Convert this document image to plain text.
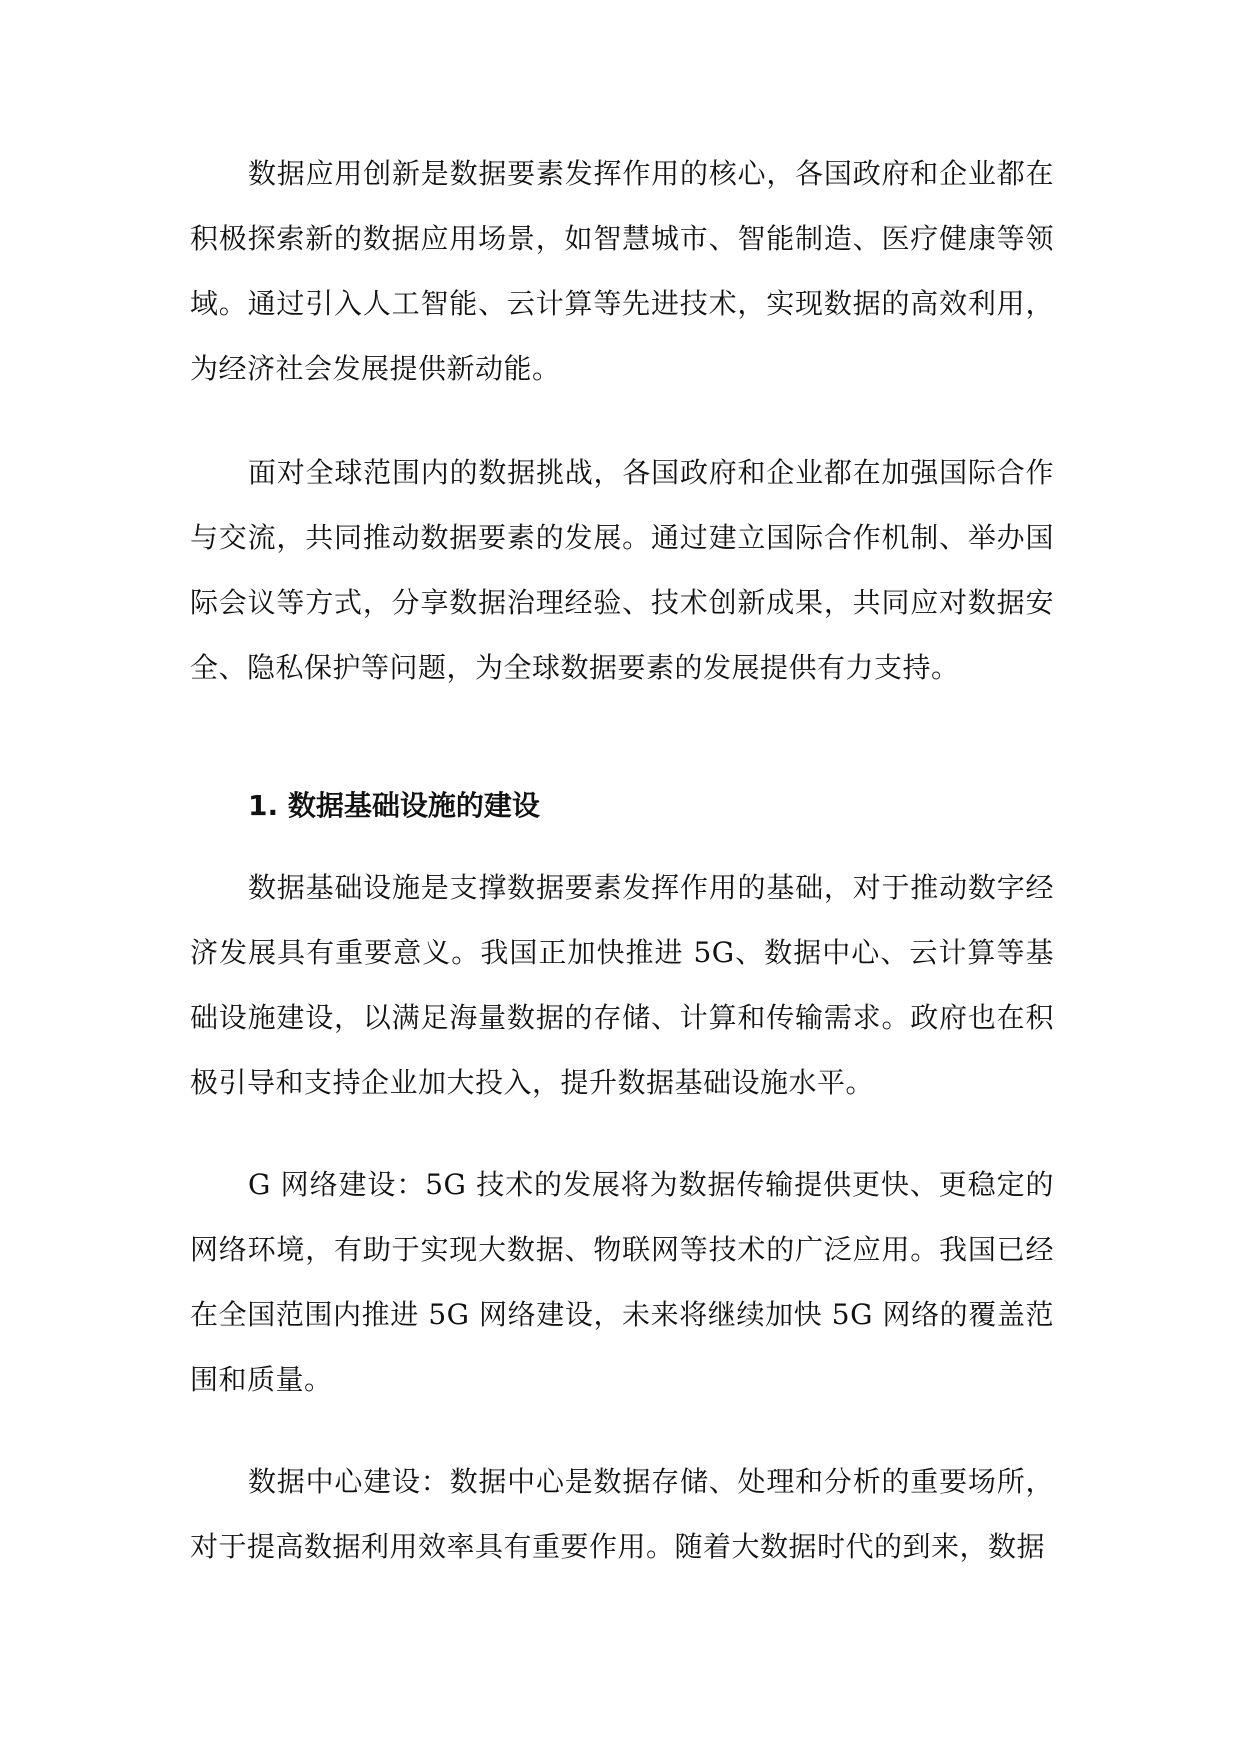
数据应用创新是数据要素发挥作用的核心，各国政府和企业都在积极探索新的数据应用场景，如智慧城市、智能制造、医疗健康等领域。通过引入人工智能、云计算等先进技术，实现数据的高效利用，为经济社会发展提供新动能。

面对全球范围内的数据挑战，各国政府和企业都在加强国际合作与交流，共同推动数据要素的发展。通过建立国际合作机制、举办国际会议等方式，分享数据治理经验、技术创新成果，共同应对数据安全、隐私保护等问题，为全球数据要素的发展提供有力支持。

1. 数据基础设施的建设

数据基础设施是支撑数据要素发挥作用的基础，对于推动数字经济发展具有重要意义。我国正加快推进 5G、数据中心、云计算等基础设施建设，以满足海量数据的存储、计算和传输需求。政府也在积极引导和支持企业加大投入，提升数据基础设施水平。

G 网络建设：5G 技术的发展将为数据传输提供更快、更稳定的网络环境，有助于实现大数据、物联网等技术的广泛应用。我国已经在全国范围内推进 5G 网络建设，未来将继续加快 5G 网络的覆盖范围和质量。

数据中心建设：数据中心是数据存储、处理和分析的重要场所，对于提高数据利用效率具有重要作用。随着大数据时代的到来，数据
